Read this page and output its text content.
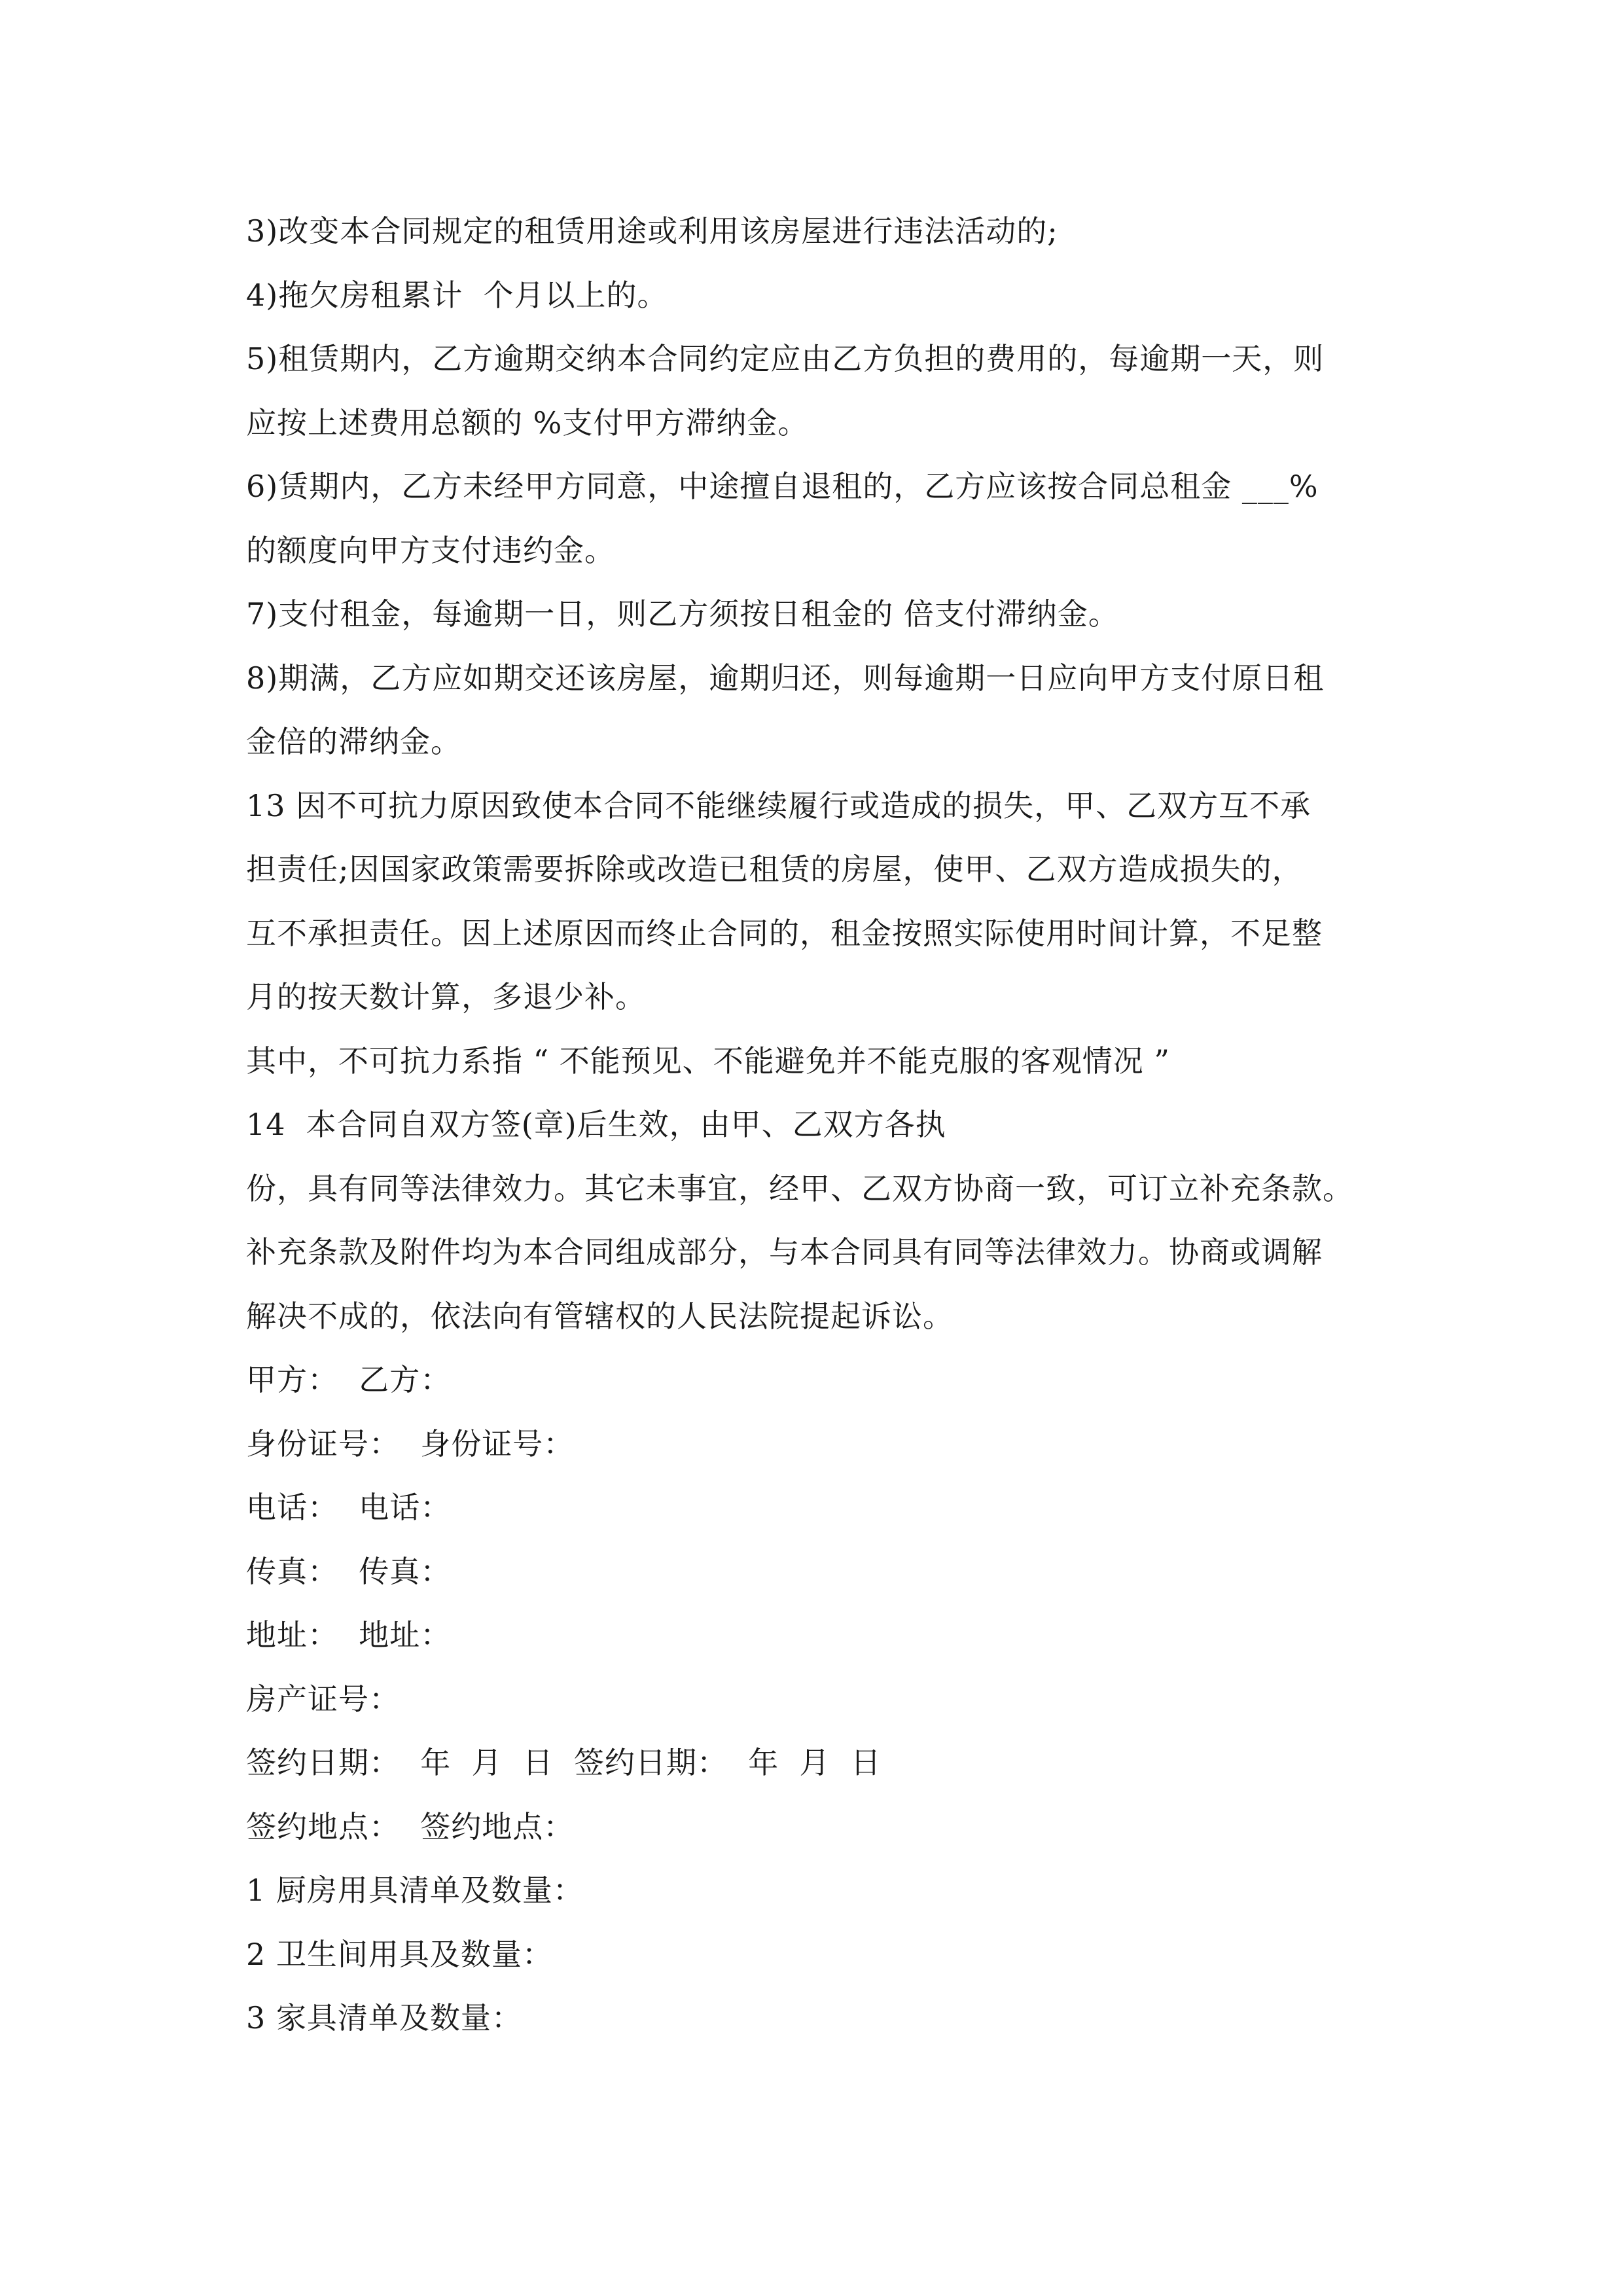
3)改变本合同规定的租赁用途或利用该房屋进行违法活动的;
4)拖欠房租累计  个月以上的。
5)租赁期内，乙方逾期交纳本合同约定应由乙方负担的费用的，每逾期一天，则
应按上述费用总额的 %支付甲方滞纳金。
6)赁期内，乙方未经甲方同意，中途擅自退租的，乙方应该按合同总租金 ___%
的额度向甲方支付违约金。
7)支付租金，每逾期一日，则乙方须按日租金的 倍支付滞纳金。
8)期满，乙方应如期交还该房屋，逾期归还，则每逾期一日应向甲方支付原日租
金倍的滞纳金。
13 因不可抗力原因致使本合同不能继续履行或造成的损失，甲、乙双方互不承
担责任;因国家政策需要拆除或改造已租赁的房屋，使甲、乙双方造成损失的，
互不承担责任。因上述原因而终止合同的，租金按照实际使用时间计算，不足整
月的按天数计算，多退少补。
其中，不可抗力系指 “ 不能预见、不能避免并不能克服的客观情况 ”
14  本合同自双方签(章)后生效，由甲、乙双方各执
份，具有同等法律效力。其它未事宜，经甲、乙双方协商一致，可订立补充条款。
补充条款及附件均为本合同组成部分，与本合同具有同等法律效力。协商或调解
解决不成的，依法向有管辖权的人民法院提起诉讼。
甲方：  乙方：
身份证号：  身份证号：
电话：  电话：
传真：  传真：
地址：  地址：
房产证号：
签约日期：  年  月  日  签约日期：  年  月  日
签约地点：  签约地点：
1 厨房用具清单及数量：
2 卫生间用具及数量：
3 家具清单及数量：
